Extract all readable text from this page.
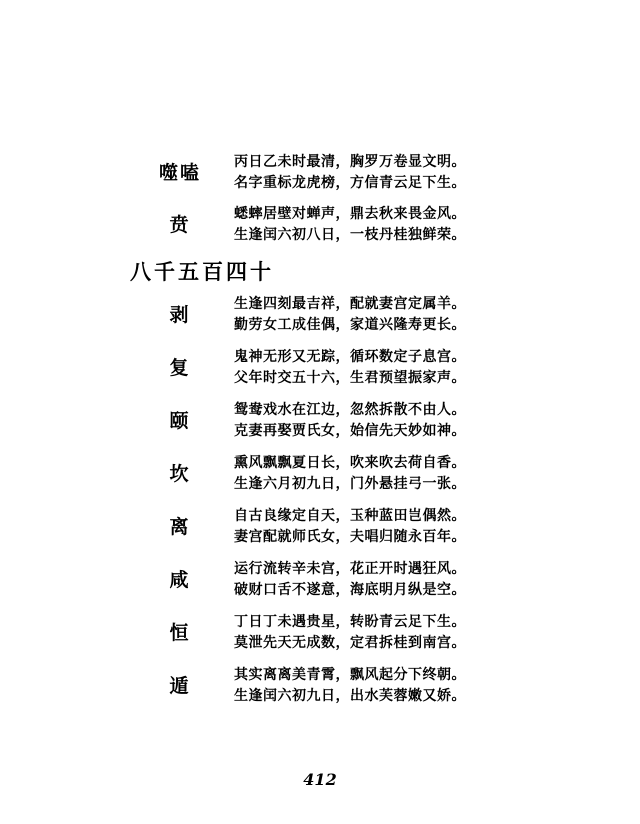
噬嗑	丙日乙未时最清，胸罗万卷显文明。
名字重标龙虎榜，方信青云足下生。
贲	蟋蟀居壁对蝉声，鼎去秋来畏金风。
生逢闰六初八日，一枝丹桂独鲜荣。
八千五百四十
剥	生逢四刻最吉祥，配就妻宫定属羊。
勤劳女工成佳偶，家道兴隆寿更长。
复	鬼神无形又无踪，循环数定子息宫。
父年时交五十六，生君预望振家声。
颐	鸳鸯戏水在江边，忽然拆散不由人。
克妻再娶贾氏女，始信先天妙如神。
坎	熏风飘飘夏日长，吹来吹去荷自香。
生逢六月初九日，门外悬挂弓一张。
离	自古良缘定自天，玉种蓝田岂偶然。
妻宫配就师氏女，夫唱归随永百年。
咸	运行流转辛未宫，花正开时遇狂风。
破财口舌不遂意，海底明月纵是空。
恒	丁日丁未遇贵星，转盼青云足下生。
莫泄先天无成数，定君拆桂到南宫。
遁	其实离离美青霄，飘风起分下终朝。
生逢闰六初九日，出水芙蓉嫩又娇。
412
